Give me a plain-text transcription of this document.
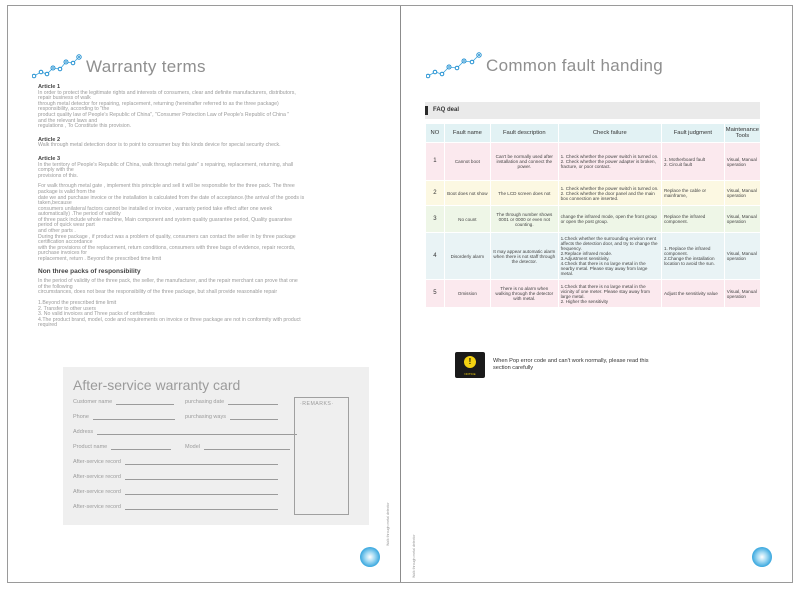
Warranty terms
Article 1
In order to protect the legitimate rights and interests of consumers, clear and definite manufacturers, distributors,
repair business of walk
through metal detector for repairing, replacement, returning (hereinafter referred to as the three package)
responsibility, according to "the
product quality law of People's Republic of China", "Consumer Protection Law of People's Republic of China "
and the relevant laws and
regulations , To Constitute this provision.
Article 2
Walk through metal detection door is to point to consumer buy this kinds device for special security check.
Article 3
In the territory of People's Republic of China, walk through metal gate" s repairing, replacement, returning, shall
comply with the
provisions of this.
For walk through metal gate , implement this principle and sell it will be responsible for the three pack. The three
package is valid from the
date we and purchase invoice or the installation is calculated from the date of acceptance.(the arrival of the goods is
taken,because
consumers unilateral factors cannot be installed or invoice , warranty period take effect after one week
automatically) .The period of validity
of three pack include whole machine, Main component and system quality guarantee period, Quality guarantee
period of quick wear part
and other parts .
During three package , if product was a problem of quality, consumers can contact the seller in by three package
certification accordance
with the provisions of the replacement, return conditions, consumers with three bags of evidence, repair records,
purchase invoices for
replacement, return . Beyond the prescribed time limit
Non three packs of responsibility
In the period of validity of the three pack, the seller, the manufacturer, and the repair merchant can prove that one
of the following
circumstances, does not bear the responsibility of the three package, but shall provide reasonable repair
1.Beyond the prescribed time limit
2. Transfer to other users
3. No valid invoices and Three packs of certificates
4.The product brand, model, code and requirements on invoice or three package are not in conformity with product
required
After-service warranty card
Customer name	purchasing date
Phone	purchasing ways
Address
Product name	Model
After-service record
After-service record
After-service record
After-service record
·REMARKS·
Walk through metal detector
Common fault handing
Walk through metal detector
FAQ deal
NO	Fault name	Fault description	Check failure	Fault judgment	Maintenance Tools
1	Cannot boot	Can't be normally used after installation and connect the power.	1. Check whether the power switch is turned on.
2. Check whether the power adapter is broken, fracture, or poor contact.	1. Motherboard fault
2. Circuit fault	Visual, Manual operation
2	Boot does not show	The LCD screen does not	1. Check whether the power switch is turned on.
2. Check whether the door panel and the main box connection are inserted.	Replace the cable or mainframe。	Visual, Manual operation
3	No count	The through number shows 0001 or 0000 or even not counting.	change the infrared mode, open the front group or open the post group.	Replace the infrared component.	Visual, Manual operation
4	Disorderly alarm	It may appear automatic alarm when there is not staff through the detector.	1.Check whether the surrounding environ ment affects the detection door, and try to change the frequency.
2.Replace infrared mode.
3.Adjustment sensitivity.
4.Check that there is no large metal in the nearby metal. Please stay away from large metal.	1. Replace the infrared component.
2.Change the installation location to avoid the sun.	Visual, Manual operation
5	Omission	There is no alarm when walking through the detector with metal.	1.Check that there is no large metal in the vicinity of one meter. Please stay away from large metal.
2. Higher the sensitivity	Adjust the sensitivity value	Visual, Manual operation
!
NOTICE
When Pop error code and can't work normally, please read this section carefully
